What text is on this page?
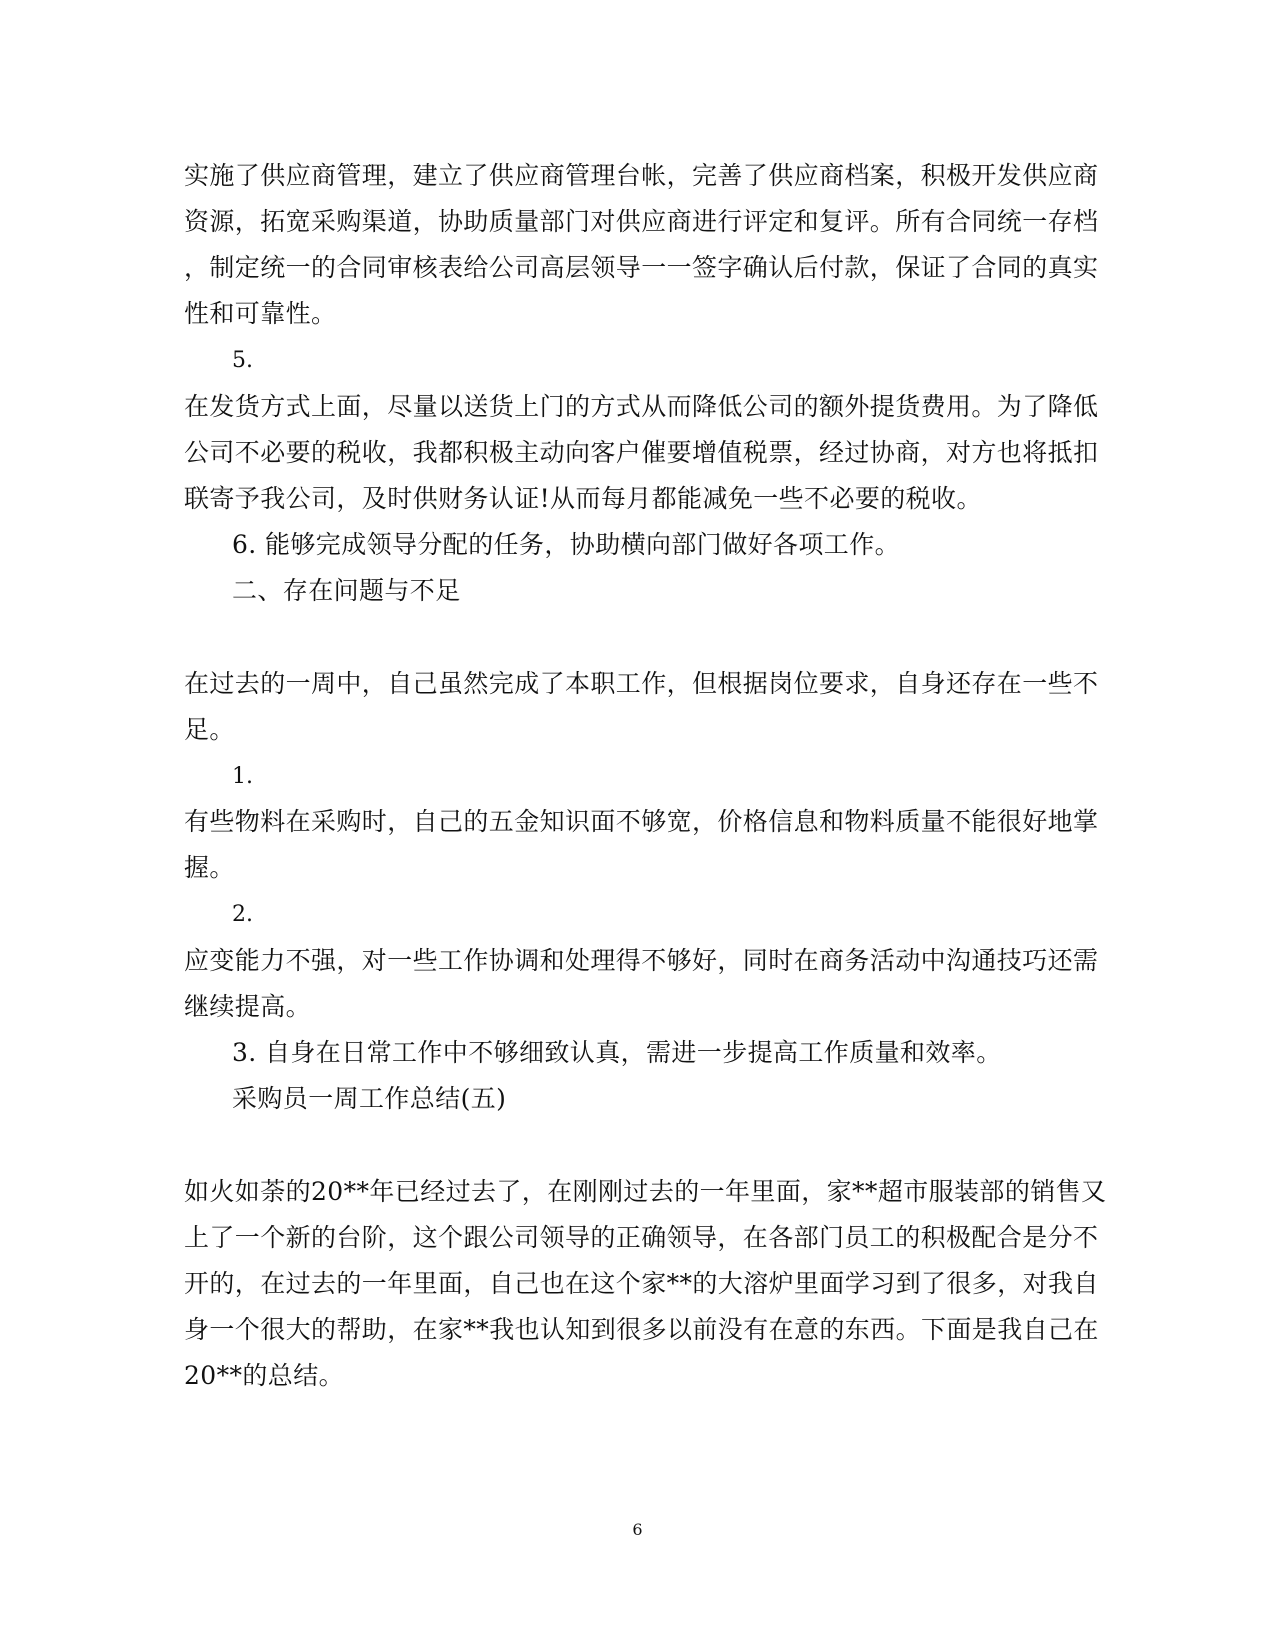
实施了供应商管理，建立了供应商管理台帐，完善了供应商档案，积极开发供应商
资源，拓宽采购渠道，协助质量部门对供应商进行评定和复评。所有合同统一存档
，制定统一的合同审核表给公司高层领导一一签字确认后付款，保证了合同的真实
性和可靠性。
5.
在发货方式上面，尽量以送货上门的方式从而降低公司的额外提货费用。为了降低
公司不必要的税收，我都积极主动向客户催要增值税票，经过协商，对方也将抵扣
联寄予我公司，及时供财务认证!从而每月都能减免一些不必要的税收。
6. 能够完成领导分配的任务，协助横向部门做好各项工作。
二、存在问题与不足
在过去的一周中，自己虽然完成了本职工作，但根据岗位要求，自身还存在一些不
足。
1.
有些物料在采购时，自己的五金知识面不够宽，价格信息和物料质量不能很好地掌
握。
2.
应变能力不强，对一些工作协调和处理得不够好，同时在商务活动中沟通技巧还需
继续提高。
3. 自身在日常工作中不够细致认真，需进一步提高工作质量和效率。
采购员一周工作总结(五)
如火如荼的20**年已经过去了，在刚刚过去的一年里面，家**超市服装部的销售又
上了一个新的台阶，这个跟公司领导的正确领导，在各部门员工的积极配合是分不
开的，在过去的一年里面，自己也在这个家**的大溶炉里面学习到了很多，对我自
身一个很大的帮助，在家**我也认知到很多以前没有在意的东西。下面是我自己在
20**的总结。
6
